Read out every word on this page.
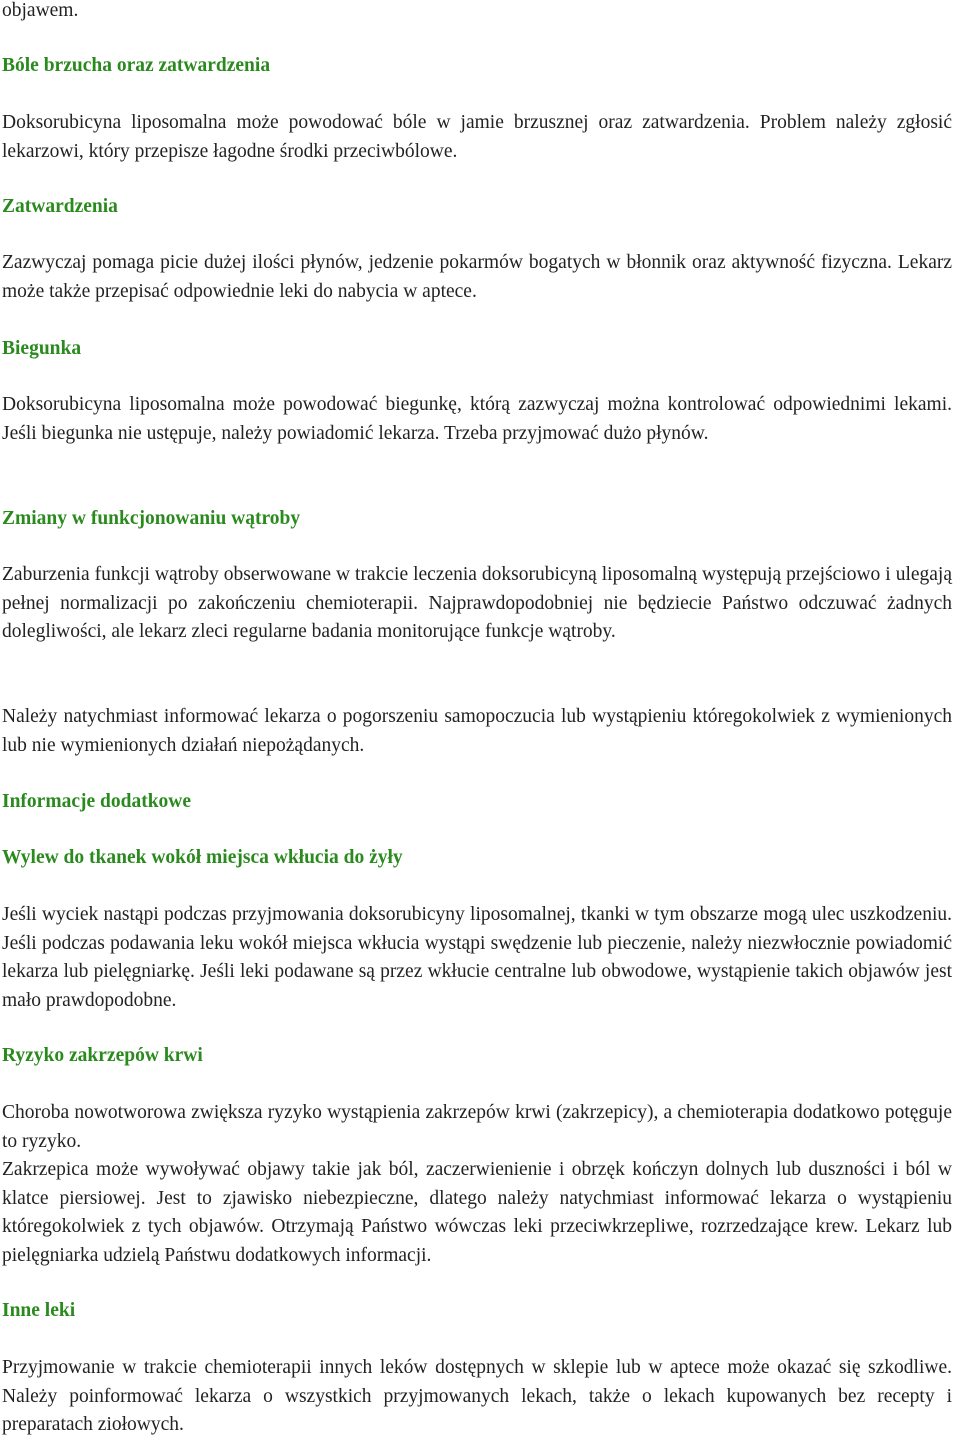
objawem.

Bóle brzucha oraz zatwardzenia

Doksorubicyna liposomalna może powodować bóle w jamie brzusznej oraz zatwardzenia. Problem należy zgłosić lekarzowi, który przepisze łagodne środki przeciwbólowe.

Zatwardzenia

Zazwyczaj pomaga picie dużej ilości płynów, jedzenie pokarmów bogatych w błonnik oraz aktywność fizyczna. Lekarz może także przepisać odpowiednie leki do nabycia w aptece.

Biegunka

Doksorubicyna liposomalna może powodować biegunkę, którą zazwyczaj można kontrolować odpowiednimi lekami. Jeśli biegunka nie ustępuje, należy powiadomić lekarza. Trzeba przyjmować dużo płynów.

Zmiany w funkcjonowaniu wątroby

Zaburzenia funkcji wątroby obserwowane w trakcie leczenia doksorubicyną liposomalną występują przejściowo i ulegają pełnej normalizacji po zakończeniu chemioterapii. Najprawdopodobniej nie będziecie Państwo odczuwać żadnych dolegliwości, ale lekarz zleci regularne badania monitorujące funkcje wątroby.

Należy natychmiast informować lekarza o pogorszeniu samopoczucia lub wystąpieniu któregokolwiek z wymienionych lub nie wymienionych działań niepożądanych.

Informacje dodatkowe
Wylew do tkanek wokół miejsca wkłucia do żyły

Jeśli wyciek nastąpi podczas przyjmowania doksorubicyny liposomalnej, tkanki w tym obszarze mogą ulec uszkodzeniu. Jeśli podczas podawania leku wokół miejsca wkłucia wystąpi swędzenie lub pieczenie, należy niezwłocznie powiadomić lekarza lub pielęgniarkę. Jeśli leki podawane są przez wkłucie centralne lub obwodowe, wystąpienie takich objawów jest mało prawdopodobne.

Ryzyko zakrzepów krwi

Choroba nowotworowa zwiększa ryzyko wystąpienia zakrzepów krwi (zakrzepicy), a chemioterapia dodatkowo potęguje to ryzyko.

Zakrzepica może wywoływać objawy takie jak ból, zaczerwienienie i obrzęk kończyn dolnych lub duszności i ból w klatce piersiowej. Jest to zjawisko niebezpieczne, dlatego należy natychmiast informować lekarza o wystąpieniu któregokolwiek z tych objawów. Otrzymają Państwo wówczas leki przeciwkrzepliwe, rozrzedzające krew. Lekarz lub pielęgniarka udzielą Państwu dodatkowych informacji.

Inne leki

Przyjmowanie w trakcie chemioterapii innych leków dostępnych w sklepie lub w aptece może okazać się szkodliwe. Należy poinformować lekarza o wszystkich przyjmowanych lekach, także o lekach kupowanych bez recepty i preparatach ziołowych.
